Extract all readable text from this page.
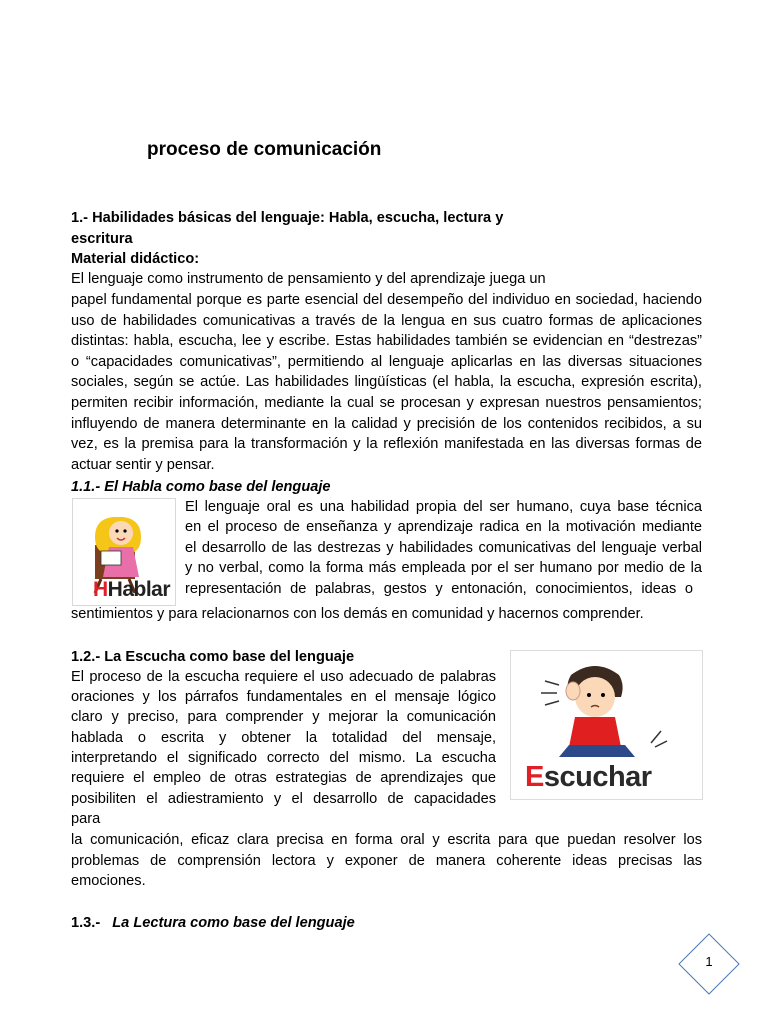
proceso de comunicación
1.- Habilidades básicas del lenguaje: Habla, escucha, lectura y
escritura
Material didáctico:
El lenguaje como instrumento de pensamiento y del aprendizaje juega un
papel fundamental porque es parte esencial del desempeño del individuo en sociedad, haciendo uso de habilidades comunicativas a través de la lengua en sus cuatro formas de aplicaciones distintas: habla, escucha, lee y escribe. Estas habilidades también se evidencian en “destrezas” o “capacidades comunicativas”, permitiendo al lenguaje aplicarlas en las diversas situaciones sociales, según se actúe. Las habilidades lingüísticas (el habla, la escucha, expresión escrita), permiten recibir información, mediante la cual se procesan y expresan nuestros pensamientos; influyendo de manera determinante en la calidad y precisión de los contenidos recibidos, a su vez, es la premisa para la transformación y la reflexión manifestada en las diversas formas de actuar sentir y pensar.
1.1.- El Habla como base del lenguaje
HHablar
El lenguaje oral es una habilidad propia del ser humano, cuya base técnica
en el proceso de enseñanza y aprendizaje radica en la motivación mediante
el desarrollo de las destrezas y habilidades comunicativas del lenguaje verbal
y no verbal, como la forma más empleada por el ser humano por medio de la
representación de palabras, gestos y entonación, conocimientos, ideas o
sentimientos y para relacionarnos con los demás en comunidad y hacernos comprender.
1.2.- La Escucha como base del lenguaje
El proceso de la escucha requiere el uso adecuado de palabras
oraciones y los párrafos fundamentales en el mensaje lógico
claro y preciso, para comprender y mejorar la comunicación
hablada o escrita y obtener la totalidad del mensaje,
interpretando el significado correcto del mismo. La escucha
requiere el empleo de otras estrategias de aprendizajes que
posibiliten el adiestramiento y el desarrollo de capacidades
para
Escuchar
la comunicación, eficaz clara precisa en forma oral y escrita para que puedan resolver los problemas de comprensión lectora y exponer de manera coherente ideas precisas las emociones.
1.3.- La Lectura como base del lenguaje
1
